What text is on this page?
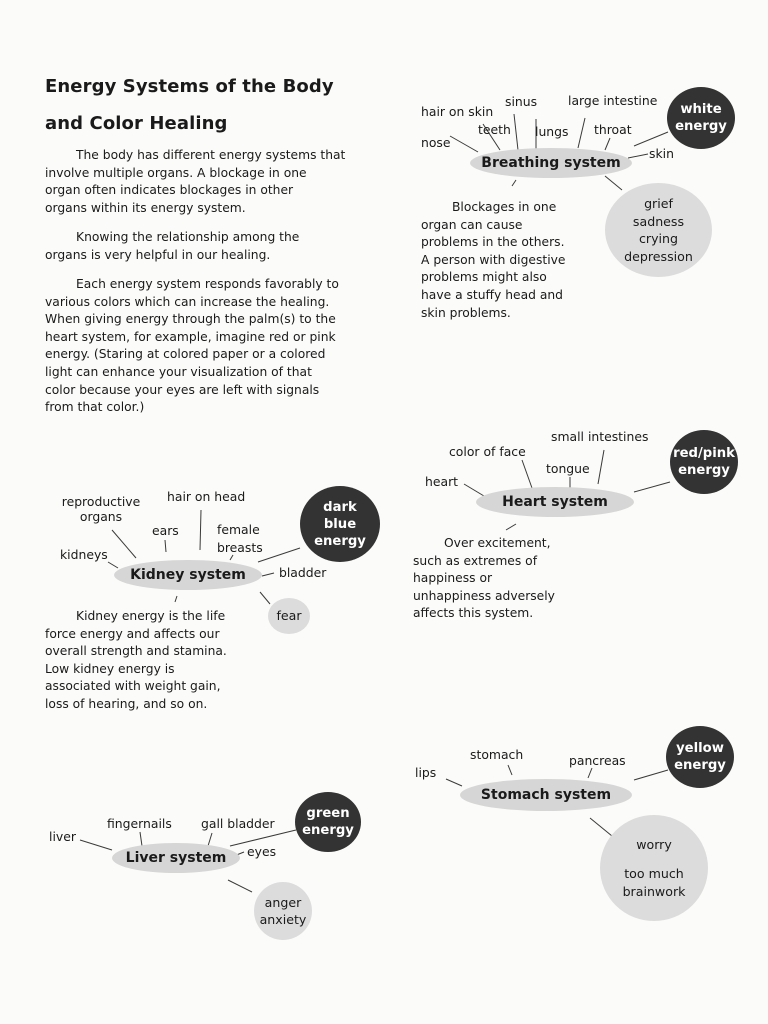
Energy Systems of the Body
and Color Healing

The body has different energy systems that
involve multiple organs. A blockage in one
organ often indicates blockages in other
organs within its energy system.

Knowing the relationship among the
organs is very helpful in our healing.

Each energy system responds favorably to
various colors which can increase the healing.
When giving energy through the palm(s) to the
heart system, for example, imagine red or pink
energy. (Staring at colored paper or a colored
light can enhance your visualization of that
color because your eyes are left with signals
from that color.)

hair on skin
sinus large intestine
teeth lungs throat
nose
skin
Breathing system
white
energy
grief
sadness
crying
depression

Blockages in one
organ can cause
problems in the others.
A person with digestive
problems might also
have a stuffy head and
skin problems.

small intestines
color of face
tongue
heart
Heart system
red/pink
energy

Over excitement,
such as extremes of
happiness or
unhappiness adversely
affects this system.

reproductive
organs
hair on head
ears	female
breasts
kidneys
bladder
Kidney system
dark
blue
energy
fear

Kidney energy is the life
force energy and affects our
overall strength and stamina.
Low kidney energy is
associated with weight gain,
loss of hearing, and so on.

stomach	pancreas
lips
Stomach system
yellow
energy
worry
too much
brainwork
fingernails gall bladder
liver
eyes
Liver system
green
energy
anger
anxiety
